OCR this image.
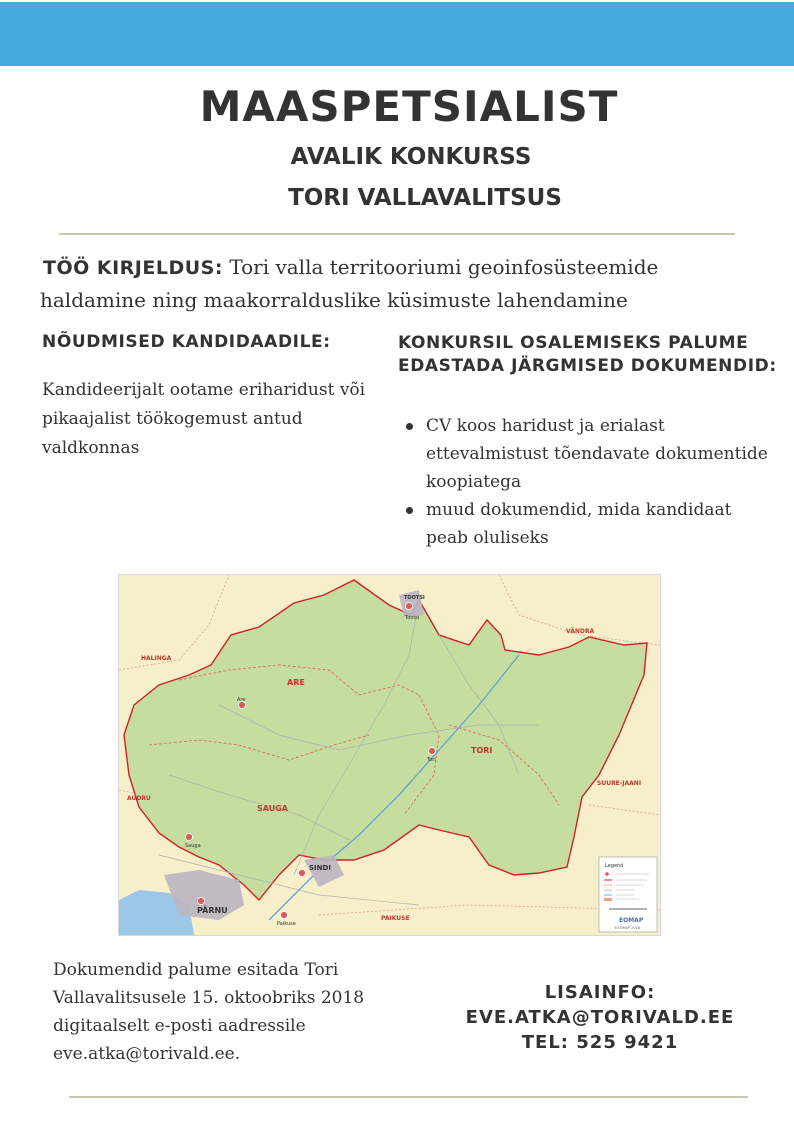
MAASPETSIALIST
AVALIK KONKURSS
TORI VALLAVALITSUS
TÖÖ KIRJELDUS: Tori valla territooriumi geoinfosüsteemide haldamine ning maakorralduslike küsimuste lahendamine
NÕUDMISED KANDIDAADILE:

Kandideerijalt ootame eriharidust või pikaajalist töökogemust antud valdkonnas

KONKURSIL OSALEMISEKS PALUME EDASTADA JÄRGMISED DOKUMENDID:
CV koos haridust ja erialast ettevalmistust tõendavate dokumentide koopiatega
muud dokumendid, mida kandidaat peab oluliseks
ARE
TORI
SAUGA
HALINGA
VÄNDRA
SUURE-JAANI
AUDRU
PAIKUSE
PÄRNU
SINDI
TOOTSI
Are
Tori
Paikuse
Sauga
Tootsi
Legend
EOMAP
©EOMAP 2018

Dokumendid palume esitada Tori Vallavalitsusele 15. oktoobriks 2018 digitaalselt e-posti aadressile eve.atka@torivald.ee.

LISAINFO:
EVE.ATKA@TORIVALD.EE
TEL: 525 9421
